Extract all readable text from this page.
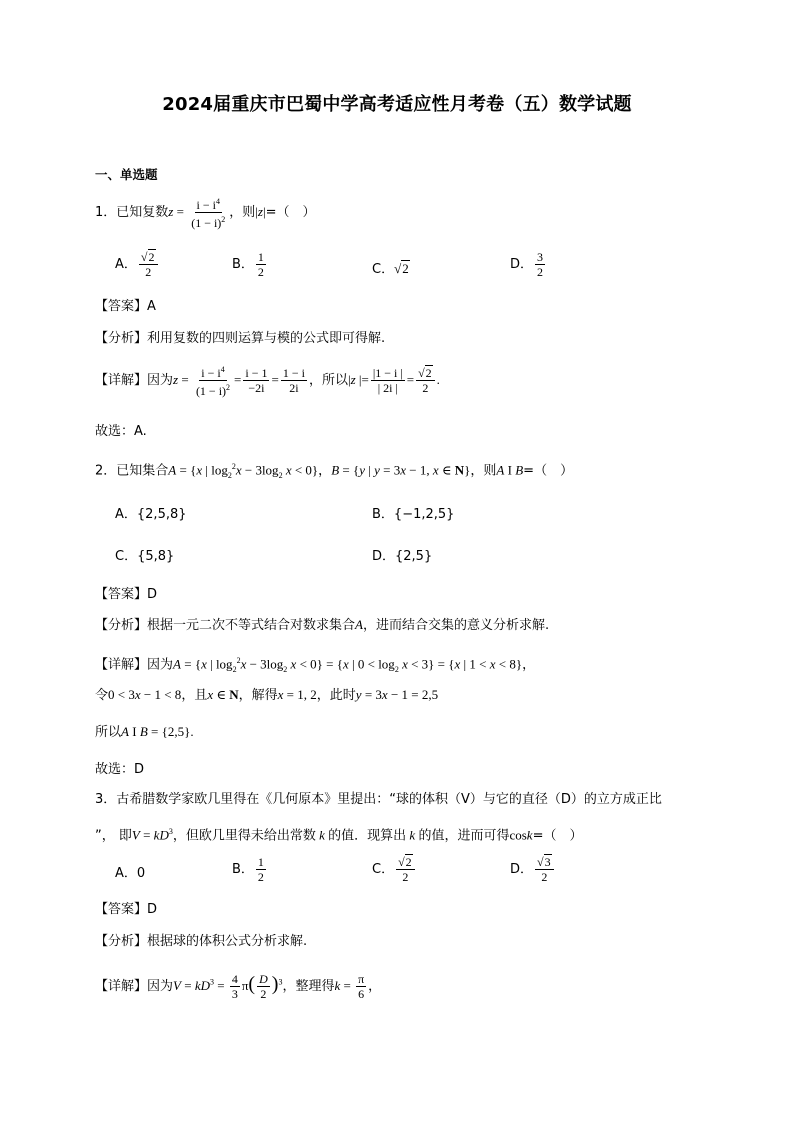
2024届重庆市巴蜀中学高考适应性月考卷（五）数学试题
一、单选题
1．已知复数$z = \frac{i - i^4}{(1 - i)^2}$ ，则|z|=（　）
A． $\frac{√2}{2}$	B． $\frac{1}{2}$	C．√2	D． $\frac{3}{2}$
【答案】A
【分析】利用复数的四则运算与模的公式即可得解.
【详解】因为$z = \frac{i - i^4}{(1 - i)^2} = \frac{i - 1}{-2i} = \frac{1 - i}{2i}$ ，所以|z |= $\frac{|1 - i |}{| 2i |} = \frac{√2}{2}$ .
故选：A.
2．已知集合A = {x | $\log_2^2x - 3\log_2$ x < 0}，B = {y | y = 3x − 1, x ∈ N}，则A I B=（　）
A．{2,5,8}	B．{−1,2,5}
C．{5,8}	D．{2,5}
【答案】D
【分析】根据一元二次不等式结合对数求集合A，进而结合交集的意义分析求解.
【详解】因为A = {x | $\log_2^2x - 3\log_2$ x < 0} = {x | $0 < \log_2 x < 3\} = \{x$ | 1 < x < 8}，
令0 < 3x − 1 < 8，且x ∈ N，解得x = 1, 2，此时y = 3x − 1 = 2,5
所以A I B = {2,5}.
故选：D
3．古希腊数学家欧几里得在《几何原本》里提出：“球的体积（V）与它的直径（D）的立方成正比
”， 即$V = kD^3$，但欧几里得未给出常数 k 的值．现算出 k 的值，进而可得cosk=（　）
A．0	B． $\frac{1}{2}$	C． $\frac{√2}{2}$	D． $\frac{√3}{2}$
【答案】D
【分析】根据球的体积公式分析求解.
【详解】因为$V = kD^3 = \frac{4}{3} \pi( \frac{D}{2} )^3$，整理得$k = \frac{\pi}{6}$ ，
